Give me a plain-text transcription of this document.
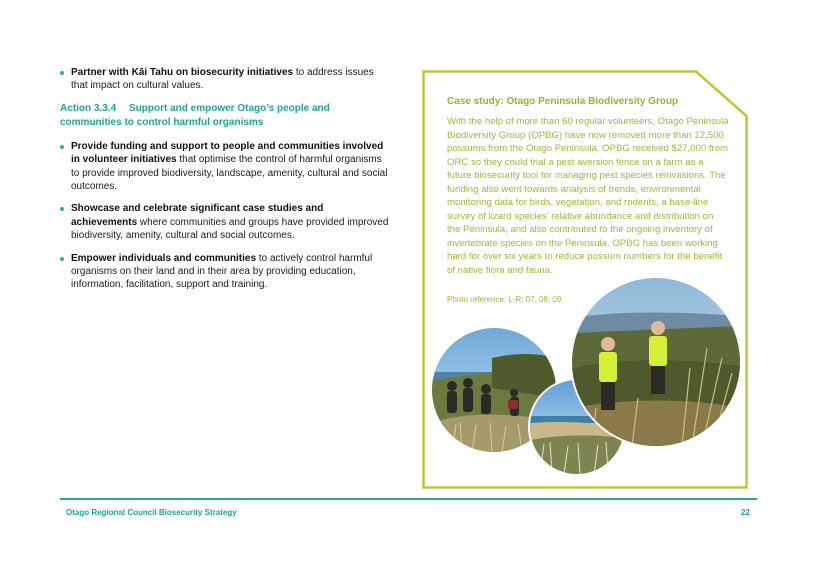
Partner with Kāi Tahu on biosecurity initiatives to address issues that impact on cultural values.
Action 3.3.4 Support and empower Otago’s people and communities to control harmful organisms
Provide funding and support to people and communities involved in volunteer initiatives that optimise the control of harmful organisms to provide improved biodiversity, landscape, amenity, cultural and social outcomes.
Showcase and celebrate significant case studies and achievements where communities and groups have provided improved biodiversity, amenity, cultural and social outcomes.
Empower individuals and communities to actively control harmful organisms on their land and in their area by providing education, information, facilitation, support and training.
Case study: Otago Peninsula Biodiversity Group
With the help of more than 60 regular volunteers, Otago Peninsula Biodiversity Group (OPBG) have now removed more than 12,500 possums from the Otago Peninsula. OPBG received $27,000 from ORC so they could trial a pest aversion fence on a farm as a future biosecurity tool for managing pest species reinvasions. The funding also went towards analysis of trends, environmental monitoring data for birds, vegetation, and rodents, a base-line survey of lizard species’ relative abundance and distribution on the Peninsula, and also contributed to the ongoing inventory of invertebrate species on the Peninsula. OPBG has been working hard for over six years to reduce possum numbers for the benefit of native flora and fauna.
Photo reference: L-R: 07, 08, 09
Otago Regional Council Biosecurity Strategy	22
